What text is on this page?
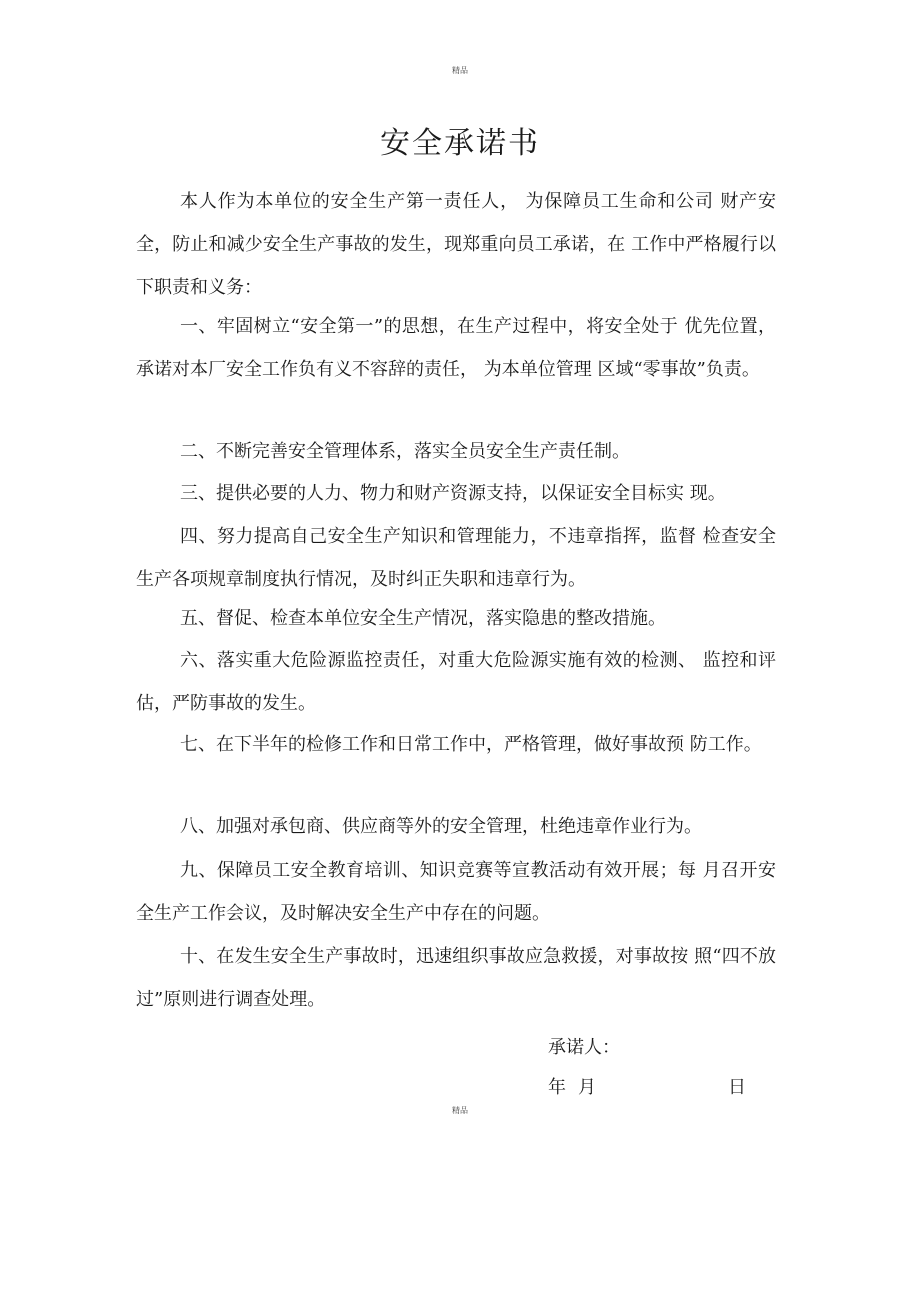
精品
安全承诺书

本人作为本单位的安全生产第一责任人， 为保障员工生命和公司 财产安全，防止和减少安全生产事故的发生，现郑重向员工承诺，在 工作中严格履行以下职责和义务：

一、牢固树立“安全第一”的思想，在生产过程中，将安全处于 优先位置，承诺对本厂安全工作负有义不容辞的责任， 为本单位管理 区域“零事故”负责。

二、不断完善安全管理体系，落实全员安全生产责任制。

三、提供必要的人力、物力和财产资源支持，以保证安全目标实 现。

四、努力提高自己安全生产知识和管理能力，不违章指挥，监督 检查安全生产各项规章制度执行情况，及时纠正失职和违章行为。

五、督促、检查本单位安全生产情况，落实隐患的整改措施。

六、落实重大危险源监控责任，对重大危险源实施有效的检测、 监控和评估，严防事故的发生。

七、在下半年的检修工作和日常工作中，严格管理，做好事故预 防工作。

八、加强对承包商、供应商等外的安全管理，杜绝违章作业行为。

九、保障员工安全教育培训、知识竞赛等宣教活动有效开展；每 月召开安全生产工作会议，及时解决安全生产中存在的问题。

十、在发生安全生产事故时，迅速组织事故应急救援，对事故按 照“四不放过”原则进行调查处理。

承诺人：
年 月	日
精品
